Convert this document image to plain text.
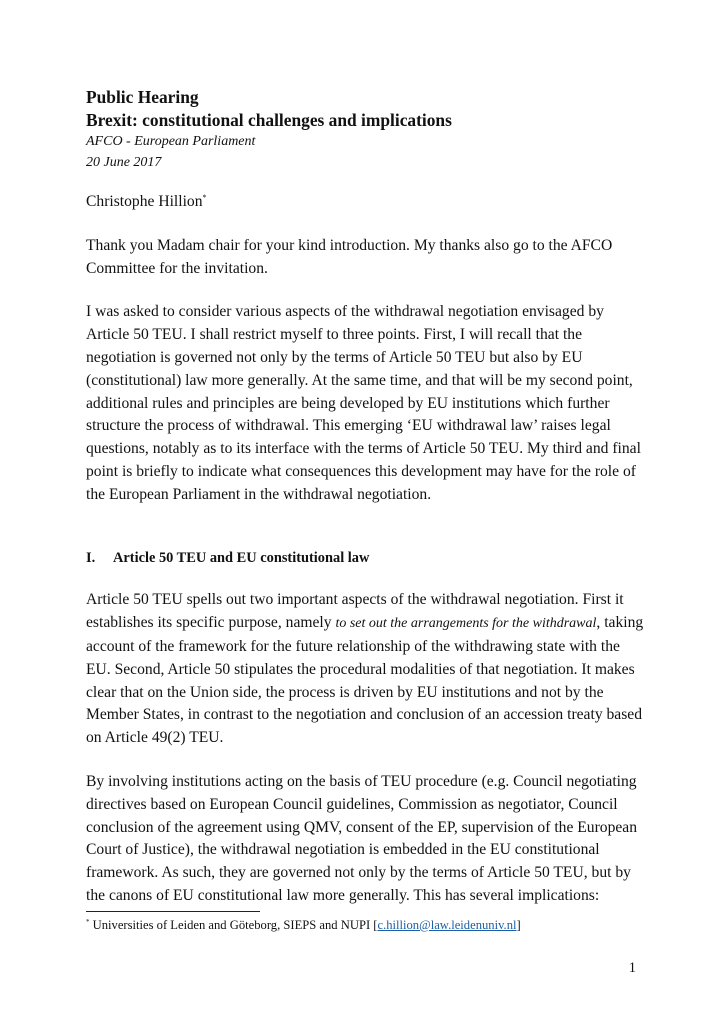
Public Hearing
Brexit: constitutional challenges and implications
AFCO - European Parliament
20 June 2017
Christophe Hillion*

Thank you Madam chair for your kind introduction. My thanks also go to the AFCO Committee for the invitation.

I was asked to consider various aspects of the withdrawal negotiation envisaged by Article 50 TEU. I shall restrict myself to three points. First, I will recall that the negotiation is governed not only by the terms of Article 50 TEU but also by EU (constitutional) law more generally. At the same time, and that will be my second point, additional rules and principles are being developed by EU institutions which further structure the process of withdrawal. This emerging ‘EU withdrawal law’ raises legal questions, notably as to its interface with the terms of Article 50 TEU. My third and final point is briefly to indicate what consequences this development may have for the role of the European Parliament in the withdrawal negotiation.

I. Article 50 TEU and EU constitutional law

Article 50 TEU spells out two important aspects of the withdrawal negotiation. First it establishes its specific purpose, namely to set out the arrangements for the withdrawal, taking account of the framework for the future relationship of the withdrawing state with the EU. Second, Article 50 stipulates the procedural modalities of that negotiation. It makes clear that on the Union side, the process is driven by EU institutions and not by the Member States, in contrast to the negotiation and conclusion of an accession treaty based on Article 49(2) TEU.

By involving institutions acting on the basis of TEU procedure (e.g. Council negotiating directives based on European Council guidelines, Commission as negotiator, Council conclusion of the agreement using QMV, consent of the EP, supervision of the European Court of Justice), the withdrawal negotiation is embedded in the EU constitutional framework. As such, they are governed not only by the terms of Article 50 TEU, but by the canons of EU constitutional law more generally. This has several implications:

* Universities of Leiden and Göteborg, SIEPS and NUPI [c.hillion@law.leidenuniv.nl]
1
